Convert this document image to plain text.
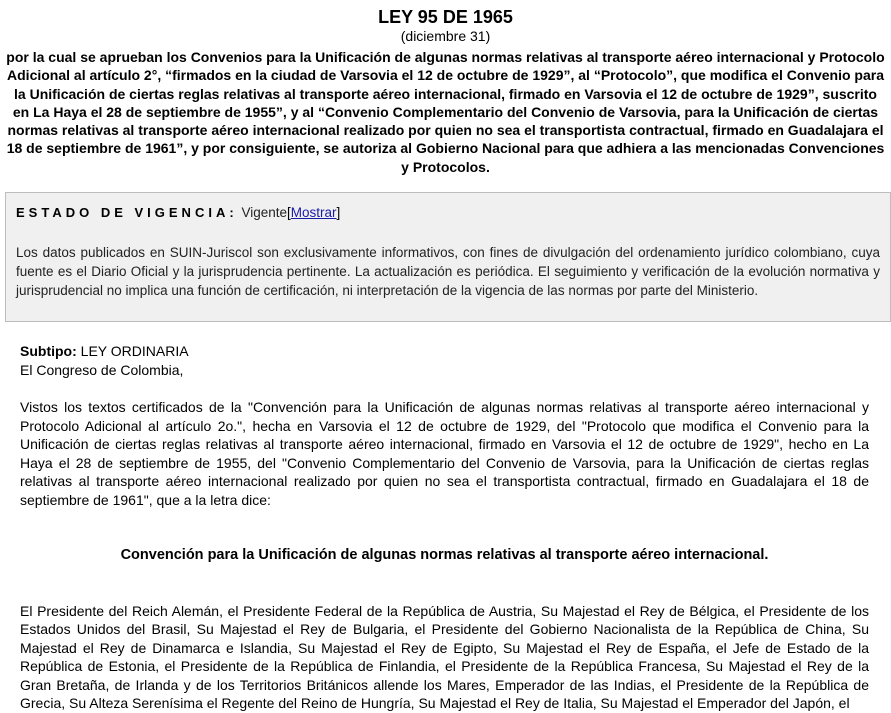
LEY 95 DE 1965

(diciembre 31)

por la cual se aprueban los Convenios para la Unificación de algunas normas relativas al transporte aéreo internacional y Protocolo Adicional al artículo 2°, “firmados en la ciudad de Varsovia el 12 de octubre de 1929”, al “Protocolo”, que modifica el Convenio para la Unificación de ciertas reglas relativas al transporte aéreo internacional, firmado en Varsovia el 12 de octubre de 1929”, suscrito en La Haya el 28 de septiembre de 1955”, y al “Convenio Complementario del Convenio de Varsovia, para la Unificación de ciertas normas relativas al transporte aéreo internacional realizado por quien no sea el transportista contractual, firmado en Guadalajara el 18 de septiembre de 1961”, y por consiguiente, se autoriza al Gobierno Nacional para que adhiera a las mencionadas Convenciones y Protocolos.

ESTADO DE VIGENCIA: Vigente[Mostrar]

Los datos publicados en SUIN-Juriscol son exclusivamente informativos, con fines de divulgación del ordenamiento jurídico colombiano, cuya fuente es el Diario Oficial y la jurisprudencia pertinente. La actualización es periódica. El seguimiento y verificación de la evolución normativa y jurisprudencial no implica una función de certificación, ni interpretación de la vigencia de las normas por parte del Ministerio.

Subtipo: LEY ORDINARIA

El Congreso de Colombia,

Vistos los textos certificados de la "Convención para la Unificación de algunas normas relativas al transporte aéreo internacional y Protocolo Adicional al artículo 2o.", hecha en Varsovia el 12 de octubre de 1929, del "Protocolo que modifica el Convenio para la Unificación de ciertas reglas relativas al transporte aéreo internacional, firmado en Varsovia el 12 de octubre de 1929", hecho en La Haya el 28 de septiembre de 1955, del "Convenio Complementario del Convenio de Varsovia, para la Unificación de ciertas reglas relativas al transporte aéreo internacional realizado por quien no sea el transportista contractual, firmado en Guadalajara el 18 de septiembre de 1961", que a la letra dice:

Convención para la Unificación de algunas normas relativas al transporte aéreo internacional.

El Presidente del Reich Alemán, el Presidente Federal de la República de Austria, Su Majestad el Rey de Bélgica, el Presidente de los Estados Unidos del Brasil, Su Majestad el Rey de Bulgaria, el Presidente del Gobierno Nacionalista de la República de China, Su Majestad el Rey de Dinamarca e Islandia, Su Majestad el Rey de Egipto, Su Majestad el Rey de España, el Jefe de Estado de la República de Estonia, el Presidente de la República de Finlandia, el Presidente de la República Francesa, Su Majestad el Rey de la Gran Bretaña, de Irlanda y de los Territorios Británicos allende los Mares, Emperador de las Indias, el Presidente de la República de Grecia, Su Alteza Serenísima el Regente del Reino de Hungría, Su Majestad el Rey de Italia, Su Majestad el Emperador del Japón, el
